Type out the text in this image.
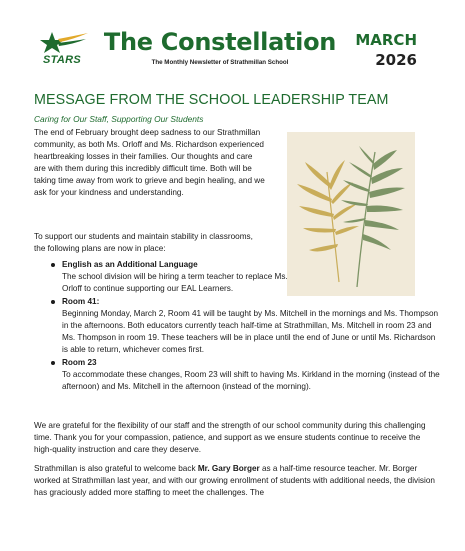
STARS
The Constellation
The Monthly Newsletter of Strathmillan School
MARCH
2026
MESSAGE FROM THE SCHOOL LEADERSHIP TEAM
Caring for Our Staff, Supporting Our Students
The end of February brought deep sadness to our Strathmillan community, as both Ms. Orloff and Ms. Richardson experienced heartbreaking losses in their families. Our thoughts and care are with them during this incredibly difficult time. Both will be taking time away from work to grieve and begin healing, and we ask for your kindness and understanding.
To support our students and maintain stability in classrooms, the following plans are now in place:
English as an Additional Language
The school division will be hiring a term teacher to replace Ms. Orloff to continue supporting our EAL Learners.
Room 41:
Beginning Monday, March 2, Room 41 will be taught by Ms. Mitchell in the mornings and Ms. Thompson in the afternoons. Both educators currently teach half-time at Strathmillan, Ms. Mitchell in room 23 and Ms. Thompson in room 19. These teachers will be in place until the end of June or until Ms. Richardson is able to return, whichever comes first.
Room 23
To accommodate these changes, Room 23 will shift to having Ms. Kirkland in the morning (instead of the afternoon) and Ms. Mitchell in the afternoon (instead of the morning).
We are grateful for the flexibility of our staff and the strength of our school community during this challenging time. Thank you for your compassion, patience, and support as we ensure students continue to receive the high-quality instruction and care they deserve.
Strathmillan is also grateful to welcome back Mr. Gary Borger as a half-time resource teacher. Mr. Borger worked at Strathmillan last year, and with our growing enrollment of students with additional needs, the division has graciously added more staffing to meet the challenges. The
